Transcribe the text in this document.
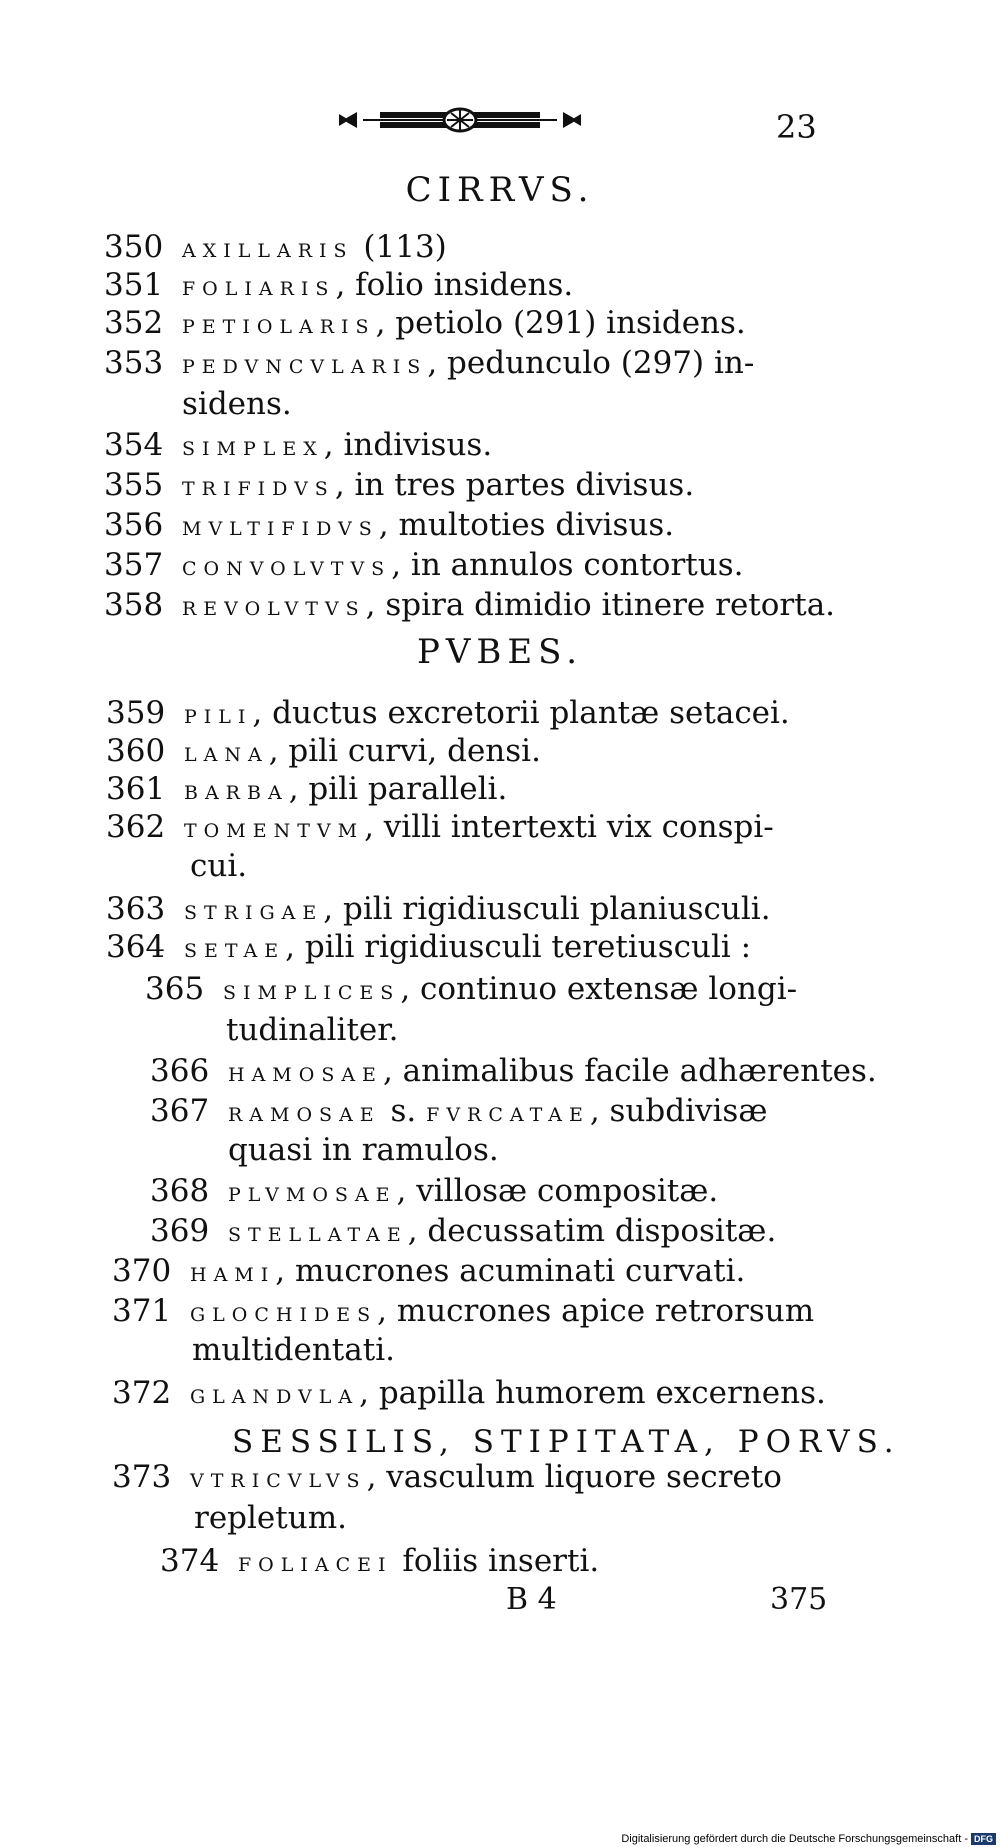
23
CIRRVS.
350 AXILLARIS (113)
351 FOLIARIS, folio insidens.
352 PETIOLARIS, petiolo (291) insidens.
353 PEDVNCVLARIS, pedunculo (297) in-
sidens.
354 SIMPLEX, indivisus.
355 TRIFIDVS, in tres partes divisus.
356 MVLTIFIDVS, multoties divisus.
357 CONVOLVTVS, in annulos contortus.
358 REVOLVTVS, spira dimidio itinere retorta.
PVBES.
359 PILI, ductus excretorii plantæ setacei.
360 LANA, pili curvi, densi.
361 BARBA, pili paralleli.
362 TOMENTVM, villi intertexti vix conspi-
cui.
363 STRIGAE, pili rigidiusculi planiusculi.
364 SETAE, pili rigidiusculi teretiusculi :
365 SIMPLICES, continuo extensæ longi-
tudinaliter.
366 HAMOSAE, animalibus facile adhærentes.
367 RAMOSAE s. FVRCATAE, subdivisæ
quasi in ramulos.
368 PLVMOSAE, villosæ compositæ.
369 STELLATAE, decussatim dispositæ.
370 HAMI, mucrones acuminati curvati.
371 GLOCHIDES, mucrones apice retrorsum
multidentati.
372 GLANDVLA, papilla humorem excernens.
SESSILIS, STIPITATA, PORVS.
373 VTRICVLVS, vasculum liquore secreto
repletum.
374 FOLIACEI foliis inserti.
B 4	375
Digitalisierung gefördert durch die Deutsche Forschungsgemeinschaft - DFG
